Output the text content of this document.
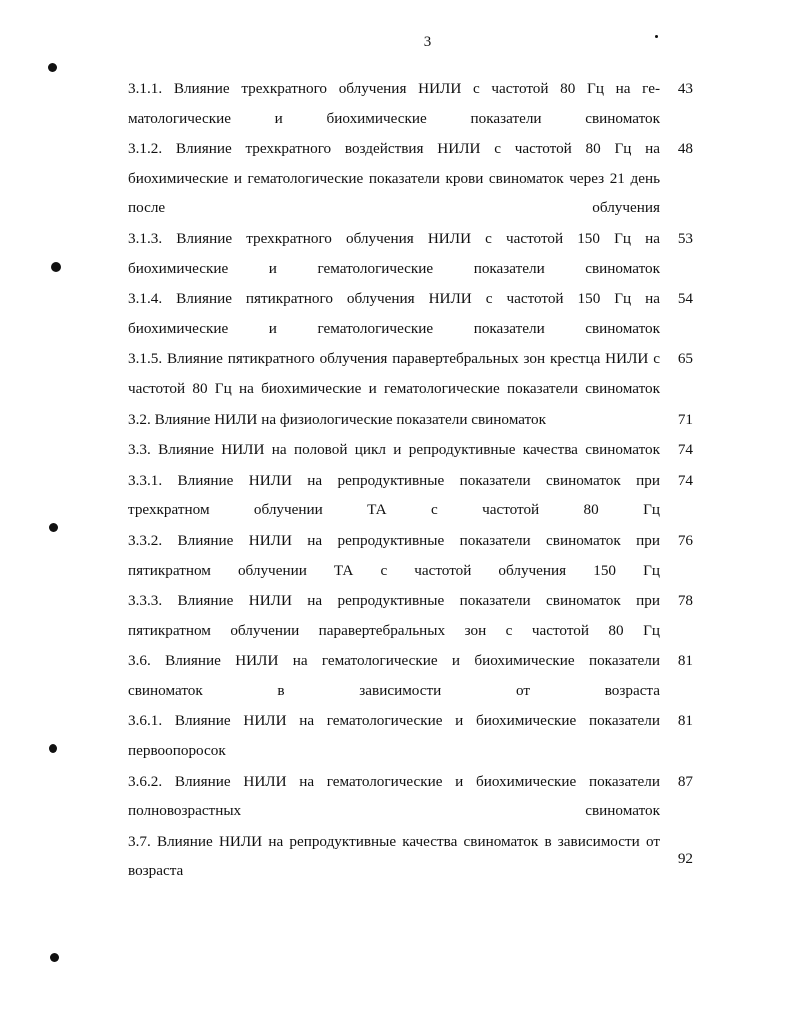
3
3.1.1. Влияние трехкратного облучения НИЛИ с частотой 80 Гц на гематологические и биохимические показатели свиноматок
43
3.1.2. Влияние трехкратного воздействия НИЛИ с частотой 80 Гц на биохимические и гематологические показатели крови свиноматок через 21 день после облучения
48
3.1.3. Влияние трехкратного облучения НИЛИ с частотой 150 Гц на биохимические и гематологические показатели свиноматок
53
3.1.4. Влияние пятикратного облучения НИЛИ с частотой 150 Гц на биохимические и гематологические показатели свиноматок
54
3.1.5. Влияние пятикратного облучения паравертебральных зон крестца НИЛИ с частотой 80 Гц на биохимические и гематологические показатели свиноматок
65
3.2. Влияние НИЛИ на физиологические показатели свиноматок	71
3.3. Влияние НИЛИ на половой цикл и репродуктивные качества свиноматок	74
3.3.1. Влияние НИЛИ на репродуктивные показатели свиноматок при трехкратном облучении ТА с частотой 80 Гц
74
3.3.2. Влияние НИЛИ на репродуктивные показатели свиноматок при пятикратном облучении ТА с частотой облучения 150 Гц
76
3.3.3. Влияние НИЛИ на репродуктивные показатели свиноматок при пятикратном облучении паравертебральных зон с частотой 80 Гц
78
3.6. Влияние НИЛИ на гематологические и биохимические показатели свиноматок в зависимости от возраста
81
3.6.1. Влияние НИЛИ на гематологические и биохимические показатели первоопоросок
81
3.6.2. Влияние НИЛИ на гематологические и биохимические показатели полновозрастных свиноматок
87
3.7. Влияние НИЛИ на репродуктивные качества свиноматок в зависимости от возраста
92
